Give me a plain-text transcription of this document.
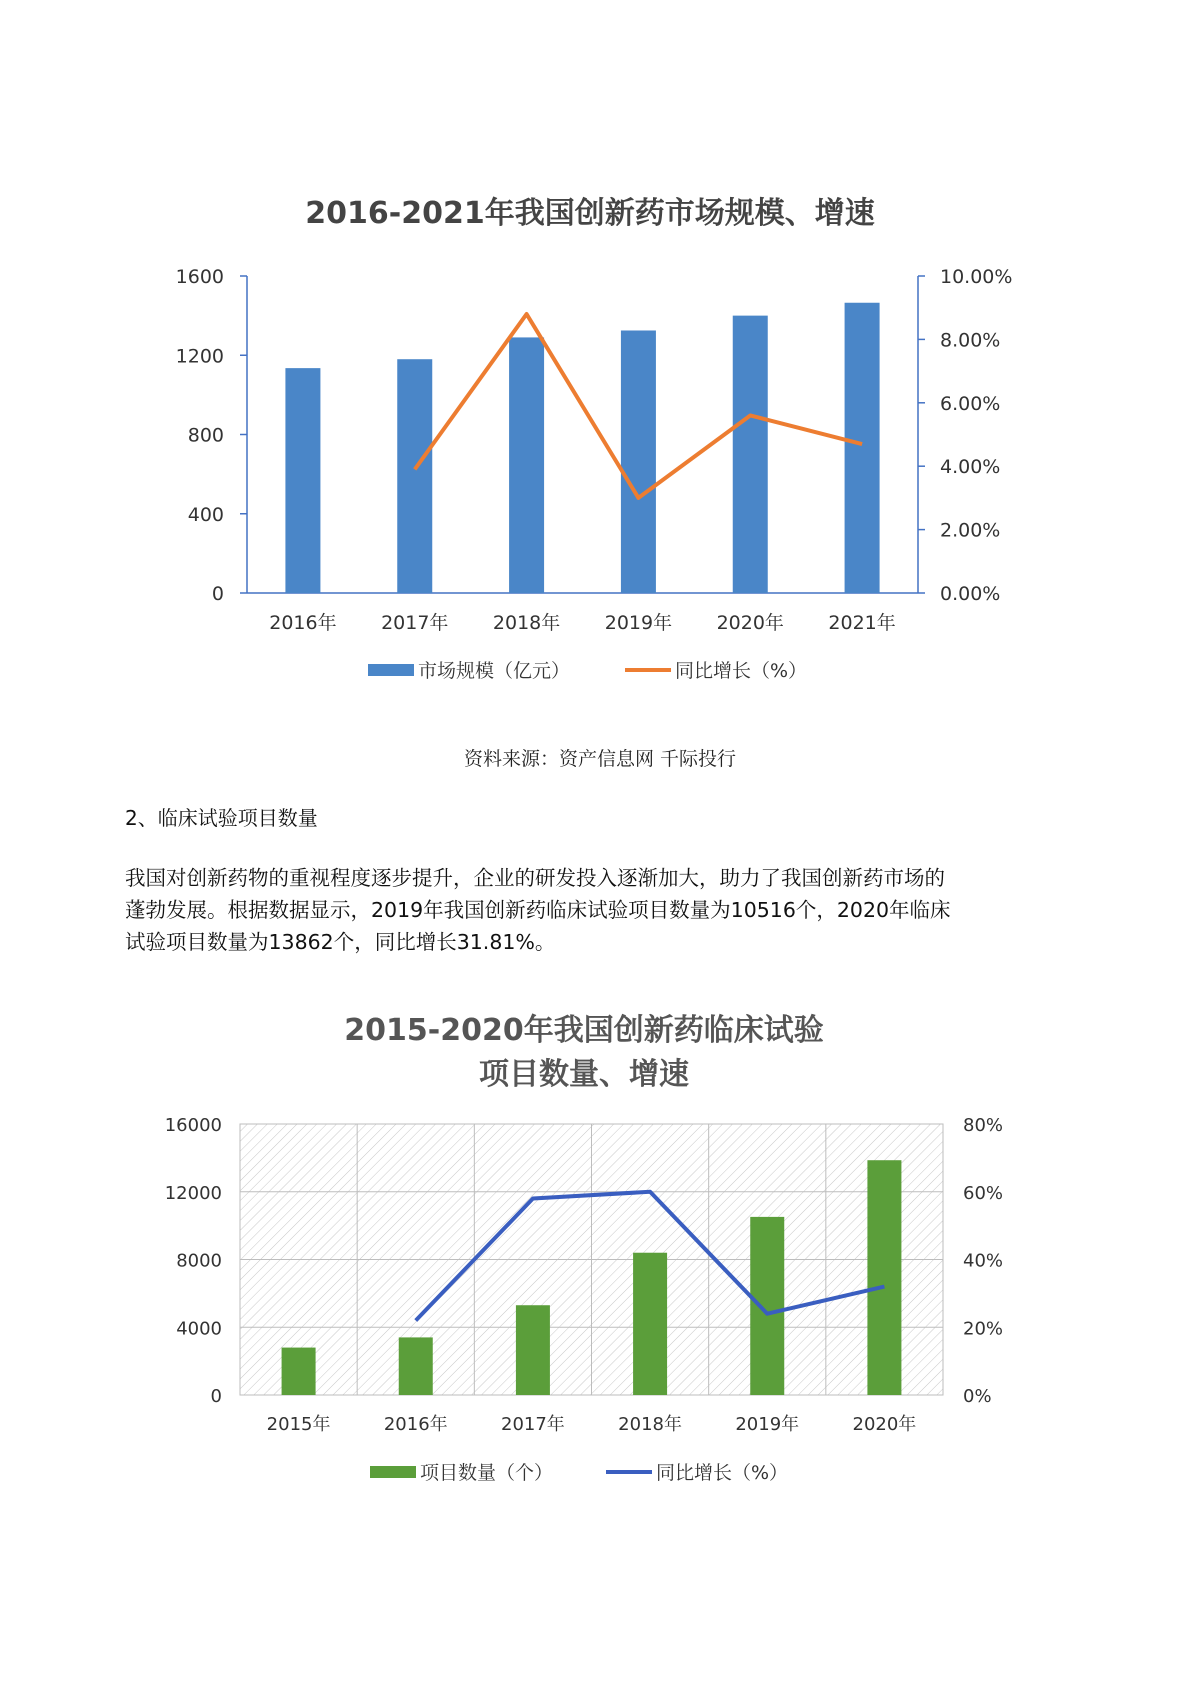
2016-2021年我国创新药市场规模、增速
0
400
800
1200
1600
0.00%
2.00%
4.00%
6.00%
8.00%
10.00%
2016年 2017年 2018年 2019年 2020年 2021年
市场规模（亿元）	同比增长（%）
资料来源：资产信息网 千际投行
2、临床试验项目数量

我国对创新药物的重视程度逐步提升，企业的研发投入逐渐加大，助力了我国创新药市场的

蓬勃发展。根据数据显示，2019年我国创新药临床试验项目数量为10516个，2020年临床

试验项目数量为13862个，同比增长31.81%。

2015-2020年我国创新药临床试验
项目数量、增速
0
4000
8000
12000
16000
0%
20%
40%
60%
80%
2015年	2016年	2017年	2018年	2019年	2020年
项目数量（个）	同比增长（%）
